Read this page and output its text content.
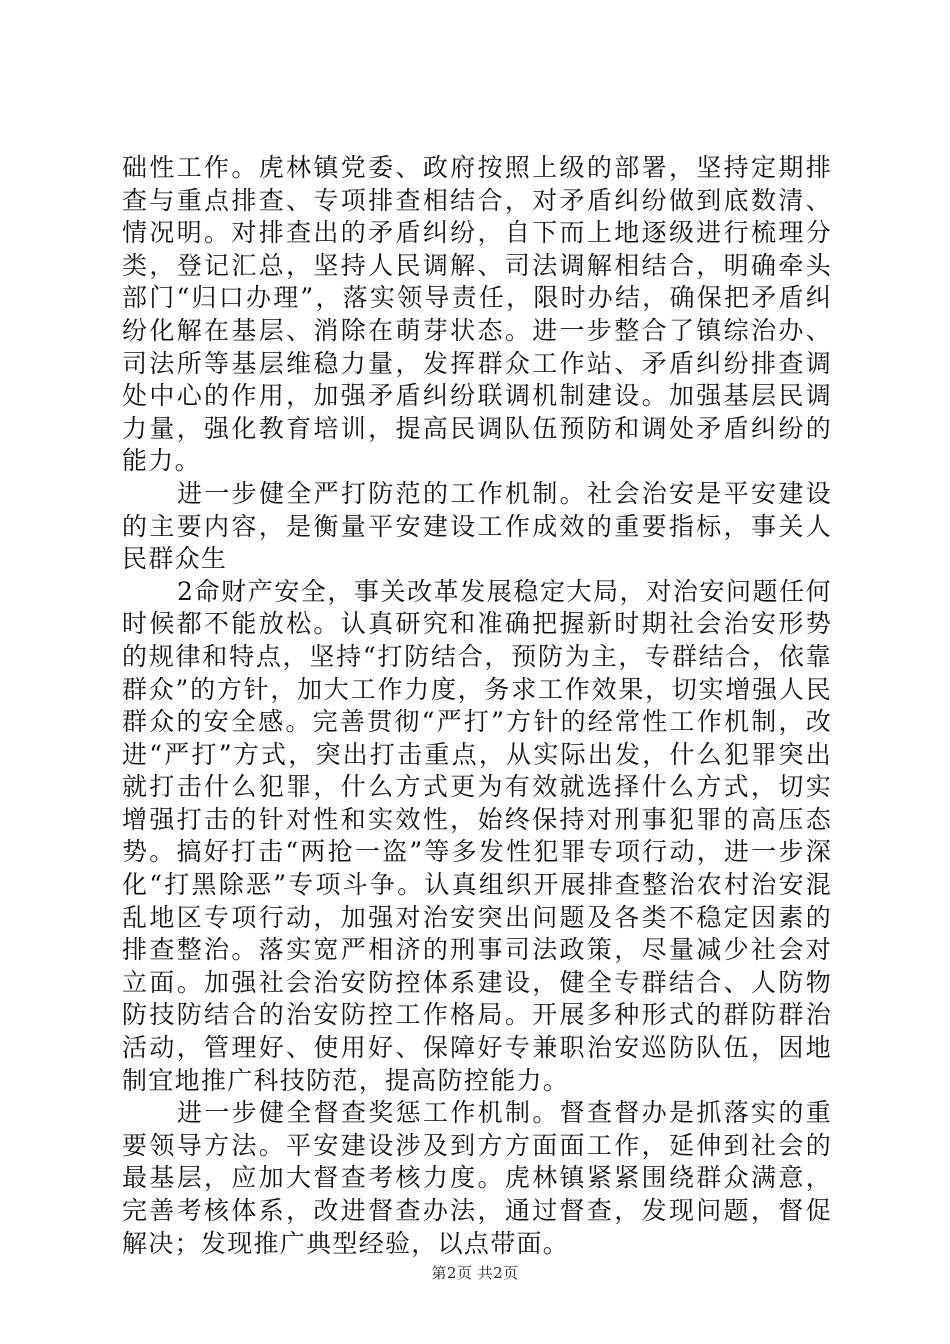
础性工作。虎林镇党委、政府按照上级的部署，坚持定期排查与重点排查、专项排查相结合，对矛盾纠纷做到底数清、情况明。对排查出的矛盾纠纷，自下而上地逐级进行梳理分类，登记汇总，坚持人民调解、司法调解相结合，明确牵头部门“归口办理”，落实领导责任，限时办结，确保把矛盾纠纷化解在基层、消除在萌芽状态。进一步整合了镇综治办、司法所等基层维稳力量，发挥群众工作站、矛盾纠纷排查调处中心的作用，加强矛盾纠纷联调机制建设。加强基层民调力量，强化教育培训，提高民调队伍预防和调处矛盾纠纷的能力。

进一步健全严打防范的工作机制。社会治安是平安建设的主要内容，是衡量平安建设工作成效的重要指标，事关人民群众生

2命财产安全，事关改革发展稳定大局，对治安问题任何时候都不能放松。认真研究和准确把握新时期社会治安形势的规律和特点，坚持“打防结合，预防为主，专群结合，依靠群众”的方针，加大工作力度，务求工作效果，切实增强人民群众的安全感。完善贯彻“严打”方针的经常性工作机制，改进“严打”方式，突出打击重点，从实际出发，什么犯罪突出就打击什么犯罪，什么方式更为有效就选择什么方式，切实增强打击的针对性和实效性，始终保持对刑事犯罪的高压态势。搞好打击“两抢一盗”等多发性犯罪专项行动，进一步深化“打黑除恶”专项斗争。认真组织开展排查整治农村治安混乱地区专项行动，加强对治安突出问题及各类不稳定因素的排查整治。落实宽严相济的刑事司法政策，尽量减少社会对立面。加强社会治安防控体系建设，健全专群结合、人防物防技防结合的治安防控工作格局。开展多种形式的群防群治活动，管理好、使用好、保障好专兼职治安巡防队伍，因地制宜地推广科技防范，提高防控能力。

进一步健全督查奖惩工作机制。督查督办是抓落实的重要领导方法。平安建设涉及到方方面面工作，延伸到社会的最基层，应加大督查考核力度。虎林镇紧紧围绕群众满意，完善考核体系，改进督查办法，通过督查，发现问题，督促解决；发现推广典型经验，以点带面。

第2页 共2页
